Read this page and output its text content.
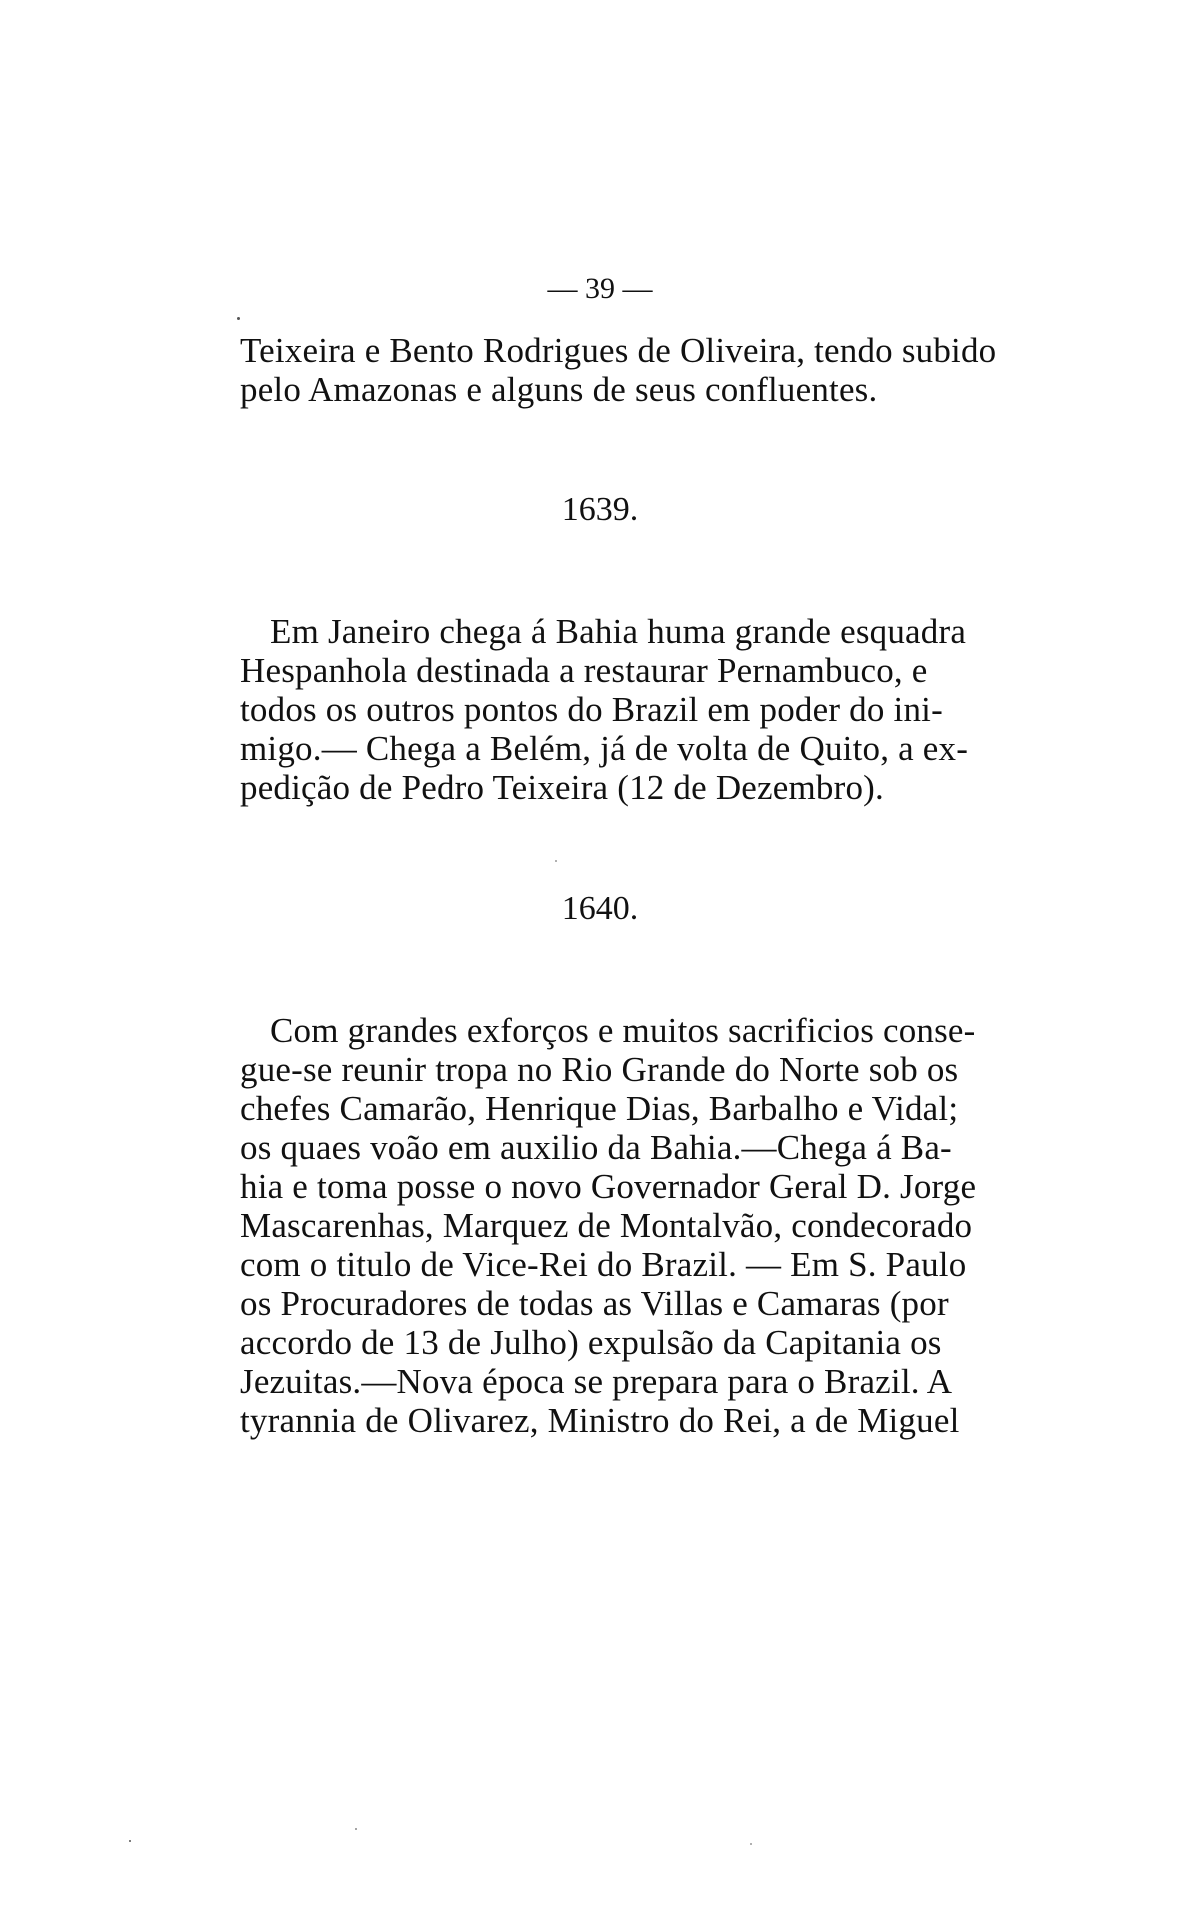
— 39 —
Teixeira e Bento Rodrigues de Oliveira, tendo subido
pelo Amazonas e alguns de seus confluentes.
1639.
Em Janeiro chega á Bahia huma grande esquadra
Hespanhola destinada a restaurar Pernambuco, e
todos os outros pontos do Brazil em poder do ini-
migo.— Chega a Belém, já de volta de Quito, a ex-
pedição de Pedro Teixeira (12 de Dezembro).
1640.
Com grandes exforços e muitos sacrificios conse-
gue-se reunir tropa no Rio Grande do Norte sob os
chefes Camarão, Henrique Dias, Barbalho e Vidal;
os quaes voão em auxilio da Bahia.—Chega á Ba-
hia e toma posse o novo Governador Geral D. Jorge
Mascarenhas, Marquez de Montalvão, condecorado
com o titulo de Vice-Rei do Brazil. — Em S. Paulo
os Procuradores de todas as Villas e Camaras (por
accordo de 13 de Julho) expulsão da Capitania os
Jezuitas.—Nova época se prepara para o Brazil. A
tyrannia de Olivarez, Ministro do Rei, a de Miguel
